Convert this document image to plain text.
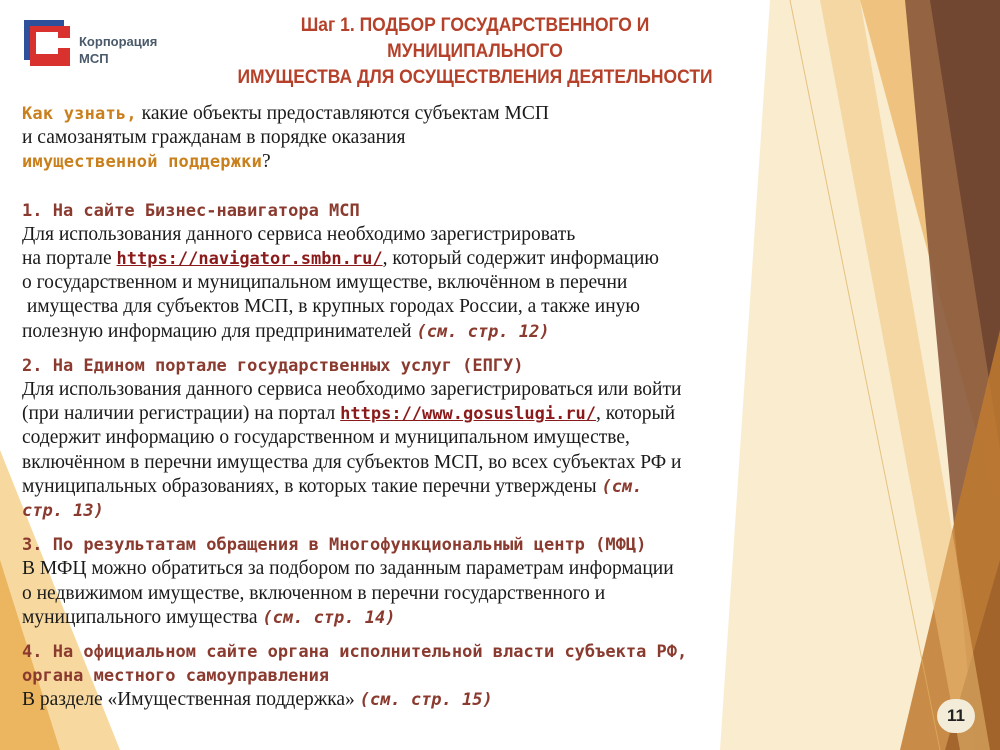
Корпорация
МСП
Шаг 1. ПОДБОР ГОСУДАРСТВЕННОГО И МУНИЦИПАЛЬНОГО
ИМУЩЕСТВА ДЛЯ ОСУЩЕСТВЛЕНИЯ ДЕЯТЕЛЬНОСТИ

Как узнать, какие объекты предоставляются субъектам МСП

и самозанятым гражданам в порядке оказания

имущественной поддержки?

1. На сайте Бизнес-навигатора МСП

Для использования данного сервиса необходимо зарегистрировать

на портале https://navigator.smbn.ru/, который содержит информацию

о государственном и муниципальном имуществе, включённом в перечни

имущества для субъектов МСП, в крупных городах России, а также иную

полезную информацию для предпринимателей (см. стр. 12)

2. На Едином портале государственных услуг (ЕПГУ)

Для использования данного сервиса необходимо зарегистрироваться или войти

(при наличии регистрации) на портал https://www.gosuslugi.ru/, который

содержит информацию о государственном и муниципальном имуществе,

включённом в перечни имущества для субъектов МСП, во всех субъектах РФ и

муниципальных образованиях, в которых такие перечни утверждены (см.

стр. 13)

3. По результатам обращения в Многофункциональный центр (МФЦ)

В МФЦ можно обратиться за подбором по заданным параметрам информации

о недвижимом имуществе, включенном в перечни государственного и

муниципального имущества (см. стр. 14)

4. На официальном сайте органа исполнительной власти субъекта РФ,

органа местного самоуправления

В разделе «Имущественная поддержка» (см. стр. 15)

11
